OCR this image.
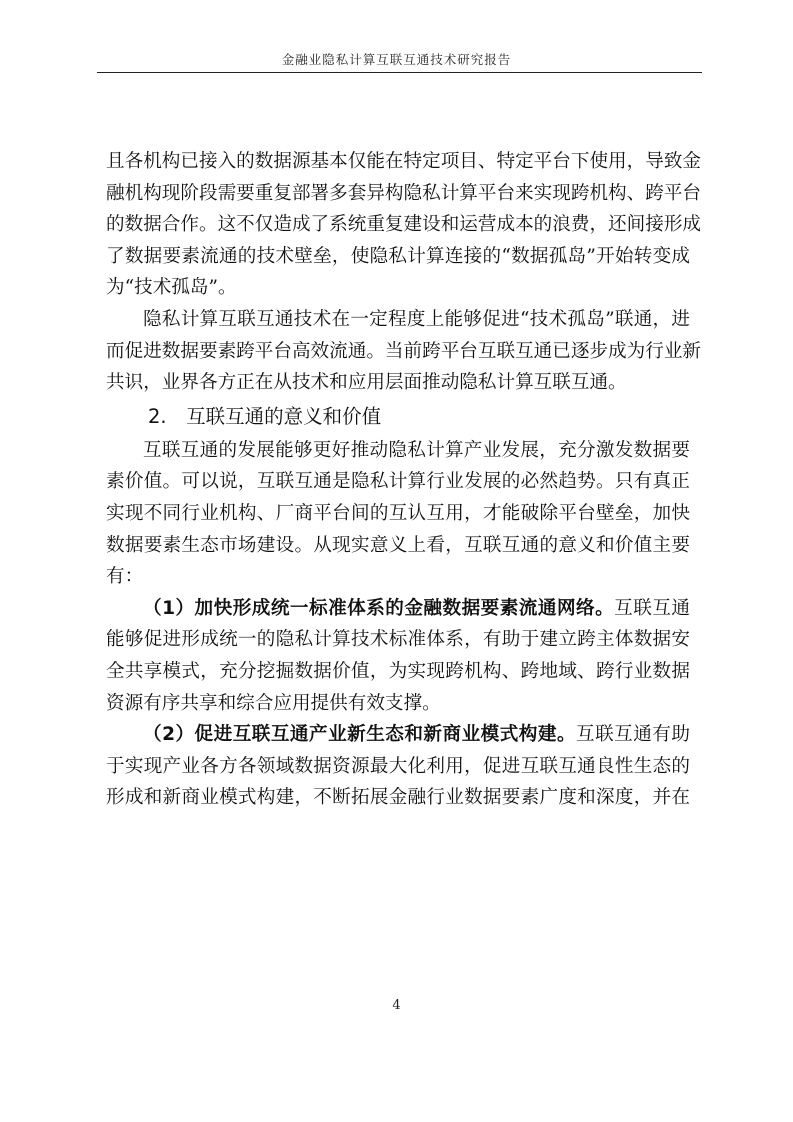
金融业隐私计算互联互通技术研究报告
且各机构已接入的数据源基本仅能在特定项目、特定平台下使用，导致金
融机构现阶段需要重复部署多套异构隐私计算平台来实现跨机构、跨平台
的数据合作。这不仅造成了系统重复建设和运营成本的浪费，还间接形成
了数据要素流通的技术壁垒，使隐私计算连接的“数据孤岛”开始转变成
为“技术孤岛”。
隐私计算互联互通技术在一定程度上能够促进“技术孤岛”联通，进
而促进数据要素跨平台高效流通。当前跨平台互联互通已逐步成为行业新
共识，业界各方正在从技术和应用层面推动隐私计算互联互通。
2.　互联互通的意义和价值
互联互通的发展能够更好推动隐私计算产业发展，充分激发数据要
素价值。可以说，互联互通是隐私计算行业发展的必然趋势。只有真正
实现不同行业机构、厂商平台间的互认互用，才能破除平台壁垒，加快
数据要素生态市场建设。从现实意义上看，互联互通的意义和价值主要
有：
（1）加快形成统一标准体系的金融数据要素流通网络。互联互通
能够促进形成统一的隐私计算技术标准体系，有助于建立跨主体数据安
全共享模式，充分挖掘数据价值，为实现跨机构、跨地域、跨行业数据
资源有序共享和综合应用提供有效支撑。
（2）促进互联互通产业新生态和新商业模式构建。互联互通有助
于实现产业各方各领域数据资源最大化利用，促进互联互通良性生态的
形成和新商业模式构建，不断拓展金融行业数据要素广度和深度，并在
4
